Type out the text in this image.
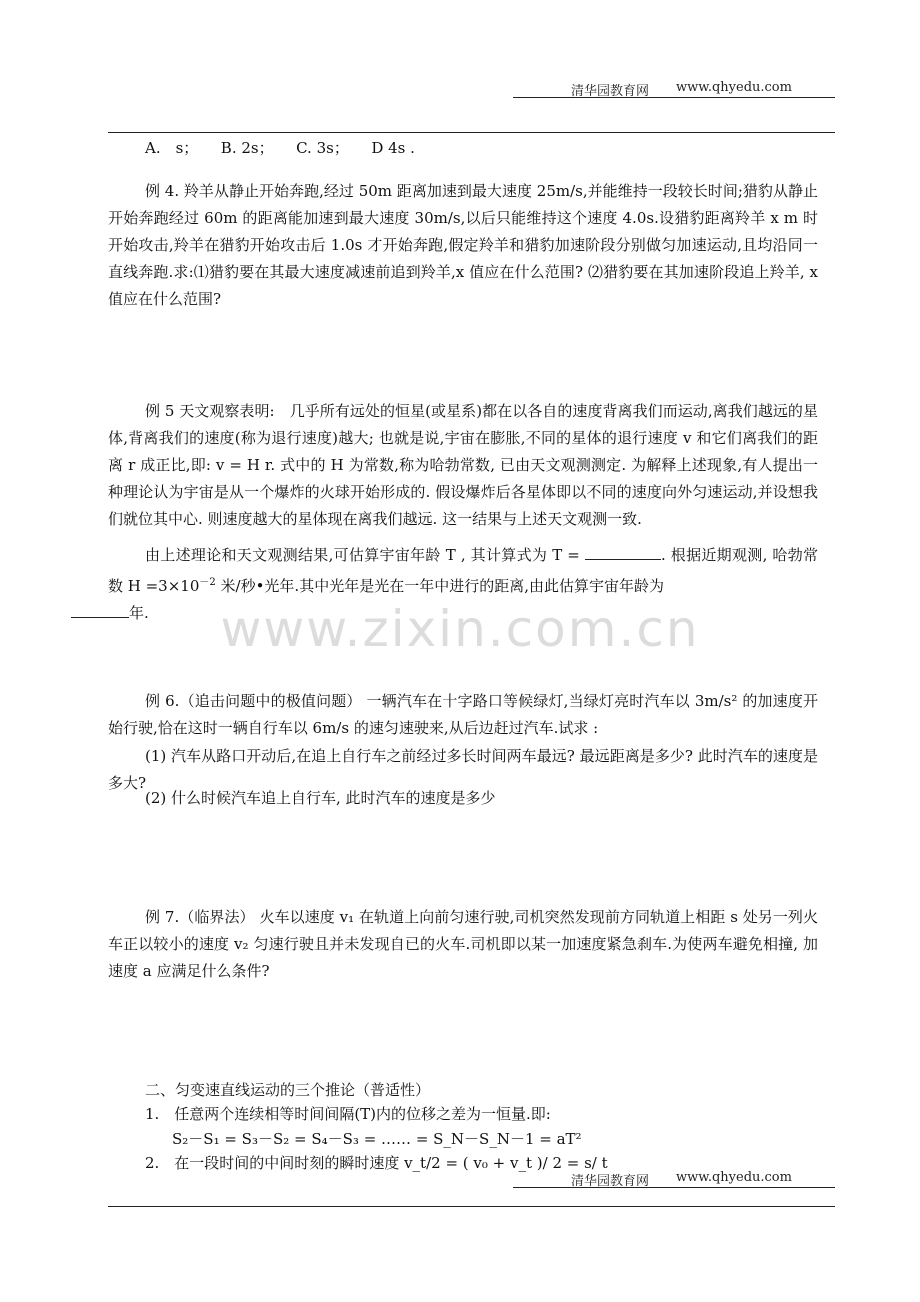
清华园教育网 www.qhyedu.com
A.　s；　　B. 2s；　　C. 3s；　　D 4s .
例 4. 羚羊从静止开始奔跑,经过 50m 距离加速到最大速度 25m/s,并能维持一段较长时间;猎豹从静止开始奔跑经过 60m 的距离能加速到最大速度 30m/s,以后只能维持这个速度 4.0s.设猎豹距离羚羊 x m 时开始攻击,羚羊在猎豹开始攻击后 1.0s 才开始奔跑,假定羚羊和猎豹加速阶段分别做匀加速运动,且均沿同一直线奔跑.求:⑴猎豹要在其最大速度减速前追到羚羊,x 值应在什么范围? ⑵猎豹要在其加速阶段追上羚羊, x 值应在什么范围?
例 5 天文观察表明:　几乎所有远处的恒星(或星系)都在以各自的速度背离我们而运动,离我们越远的星体,背离我们的速度(称为退行速度)越大; 也就是说,宇宙在膨胀,不同的星体的退行速度 v 和它们离我们的距离 r 成正比,即: v = H r. 式中的 H 为常数,称为哈勃常数, 已由天文观测测定. 为解释上述现象,有人提出一种理论认为宇宙是从一个爆炸的火球开始形成的. 假设爆炸后各星体即以不同的速度向外匀速运动,并设想我们就位其中心. 则速度越大的星体现在离我们越远. 这一结果与上述天文观测一致.
由上述理论和天文观测结果,可估算宇宙年龄 T , 其计算式为 T =	. 根据近期观测, 哈勃常数 $H =3\times 10^{-2}$ 米/秒•光年.其中光年是光在一年中进行的距离,由此估算宇宙年龄为
年.	www.zixin.com.cn
例 6.（追击问题中的极值问题） 一辆汽车在十字路口等候绿灯,当绿灯亮时汽车以 3m/s² 的加速度开始行驶,恰在这时一辆自行车以 6m/s 的速匀速驶来,从后边赶过汽车.试求 :
(1) 汽车从路口开动后,在追上自行车之前经过多长时间两车最远? 最远距离是多少? 此时汽车的速度是多大?
(2) 什么时候汽车追上自行车, 此时汽车的速度是多少
例 7.（临界法） 火车以速度 v₁ 在轨道上向前匀速行驶,司机突然发现前方同轨道上相距 s 处另一列火车正以较小的速度 v₂ 匀速行驶且并未发现自已的火车.司机即以某一加速度紧急刹车.为使两车避免相撞, 加速度 a 应满足什么条件?
二、匀变速直线运动的三个推论（普适性）
1.　任意两个连续相等时间间隔(T)内的位移之差为一恒量.即:
S₂－S₁ = S₃－S₂ = S₄－S₃ = …… = S_N－S_N－1 = aT²
2.　在一段时间的中间时刻的瞬时速度 v_t/2 = ( v₀ + v_t )/ 2 = s/ t
清华园教育网 www.qhyedu.com
